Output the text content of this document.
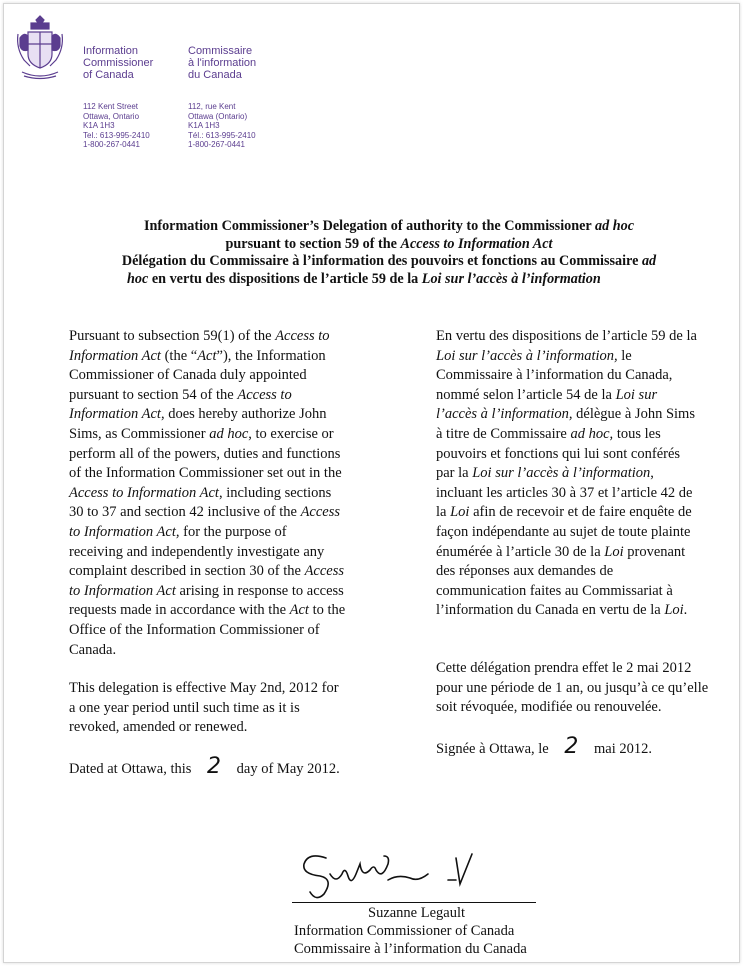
Information
Commissioner
of Canada
Commissaire
à l'information
du Canada
112 Kent Street
Ottawa, Ontario
K1A 1H3
Tel.: 613-995-2410
1-800-267-0441
112, rue Kent
Ottawa (Ontario)
K1A 1H3
Tél.: 613-995-2410
1-800-267-0441
Information Commissioner’s Delegation of authority to the Commissioner ad hoc
pursuant to section 59 of the Access to Information Act
Délégation du Commissaire à l’information des pouvoirs et fonctions au Commissaire ad
hoc en vertu des dispositions de l’article 59 de la Loi sur l’accès à l’information
Pursuant to subsection 59(1) of the Access to
Information Act (the “Act”), the Information
Commissioner of Canada duly appointed
pursuant to section 54 of the Access to
Information Act, does hereby authorize John
Sims, as Commissioner ad hoc, to exercise or
perform all of the powers, duties and functions
of the Information Commissioner set out in the
Access to Information Act, including sections
30 to 37 and section 42 inclusive of the Access
to Information Act, for the purpose of
receiving and independently investigate any
complaint described in section 30 of the Access
to Information Act arising in response to access
requests made in accordance with the Act to the
Office of the Information Commissioner of
Canada.
This delegation is effective May 2nd, 2012 for
a one year period until such time as it is
revoked, amended or renewed.
Dated at Ottawa, this 2 day of May 2012.
En vertu des dispositions de l’article 59 de la
Loi sur l’accès à l’information, le
Commissaire à l’information du Canada,
nommé selon l’article 54 de la Loi sur
l’accès à l’information, délègue à John Sims
à titre de Commissaire ad hoc, tous les
pouvoirs et fonctions qui lui sont conférés
par la Loi sur l’accès à l’information,
incluant les articles 30 à 37 et l’article 42 de
la Loi afin de recevoir et de faire enquête de
façon indépendante au sujet de toute plainte
énumérée à l’article 30 de la Loi provenant
des réponses aux demandes de
communication faites au Commissariat à
l’information du Canada en vertu de la Loi.
Cette délégation prendra effet le 2 mai 2012
pour une période de 1 an, ou jusqu’à ce qu’elle
soit révoquée, modifiée ou renouvelée.
Signée à Ottawa, le 2 mai 2012.
Suzanne Legault
Information Commissioner of Canada
Commissaire à l’information du Canada
